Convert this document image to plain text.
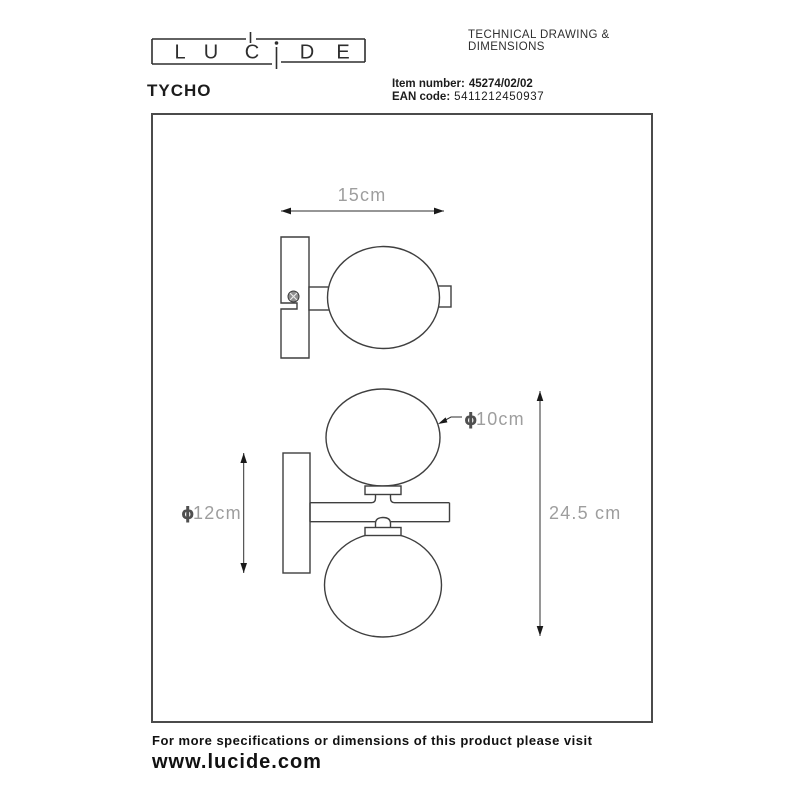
L U C D E
TECHNICAL DRAWING & DIMENSIONS
TYCHO	Item number: 45274/02/02
EAN code: 5411212450937
15cm
ϕ
12cm	24.5 cm
ϕ
10cm
For more specifications or dimensions of this product please visit
www.lucide.com
